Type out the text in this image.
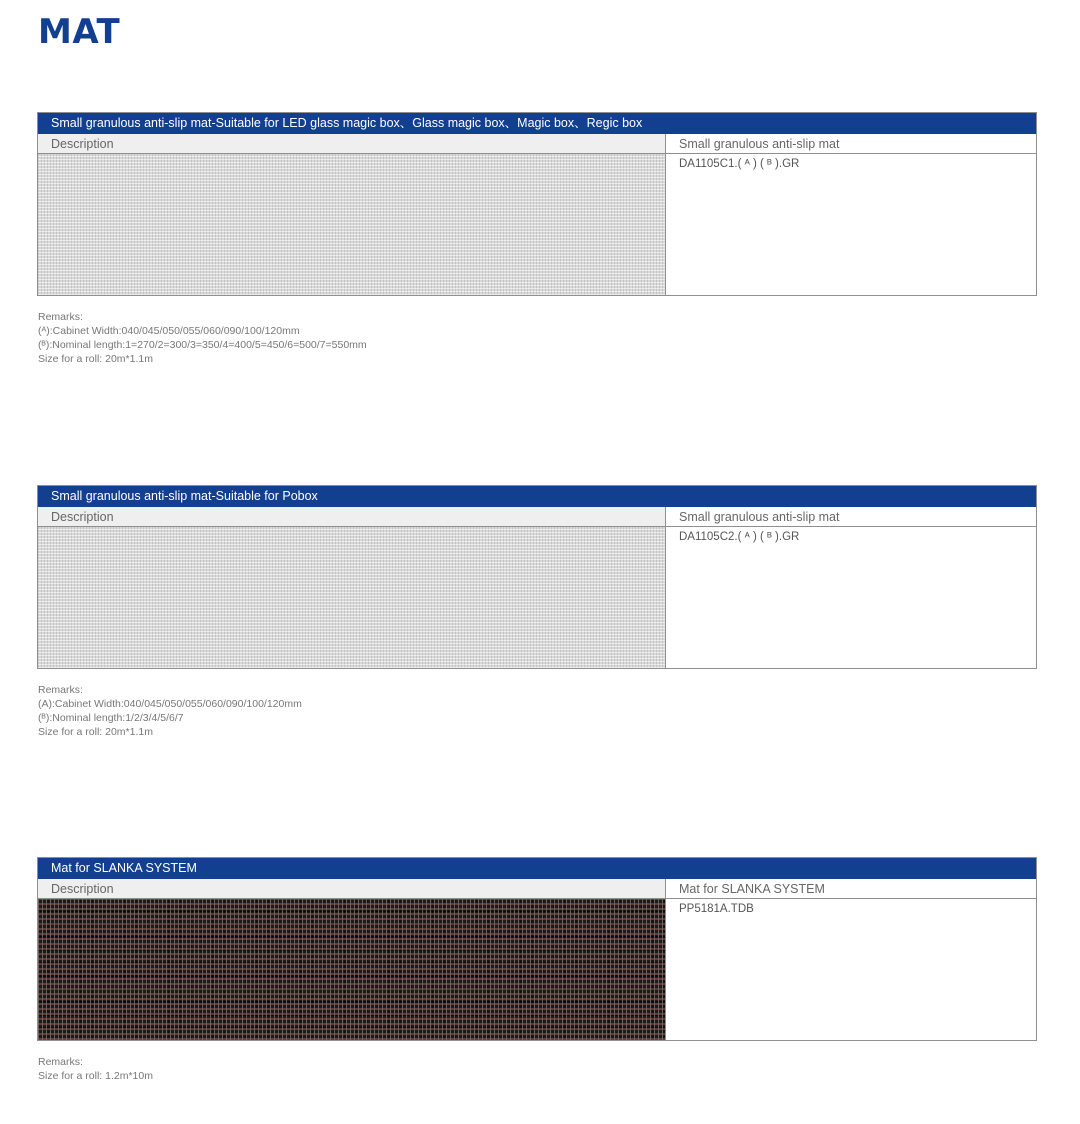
MAT
Small granulous anti-slip mat-Suitable for LED glass magic box、Glass magic box、Magic box、Regic box
Description	Small granulous anti-slip mat
DA1105C1.( ᴬ ) ( ᴮ ).GR
Remarks:
(ᴬ):Cabinet Width:040/045/050/055/060/090/100/120mm
(ᴮ):Nominal length:1=270/2=300/3=350/4=400/5=450/6=500/7=550mm
Size for a roll: 20m*1.1m
Small granulous anti-slip mat-Suitable for Pobox
Description	Small granulous anti-slip mat
DA1105C2.( ᴬ ) ( ᴮ ).GR
Remarks:
(A):Cabinet Width:040/045/050/055/060/090/100/120mm
(ᴮ):Nominal length:1/2/3/4/5/6/7
Size for a roll: 20m*1.1m
Mat for SLANKA SYSTEM
Description	Mat for SLANKA SYSTEM
PP5181A.TDB
Remarks:
Size for a roll: 1.2m*10m
